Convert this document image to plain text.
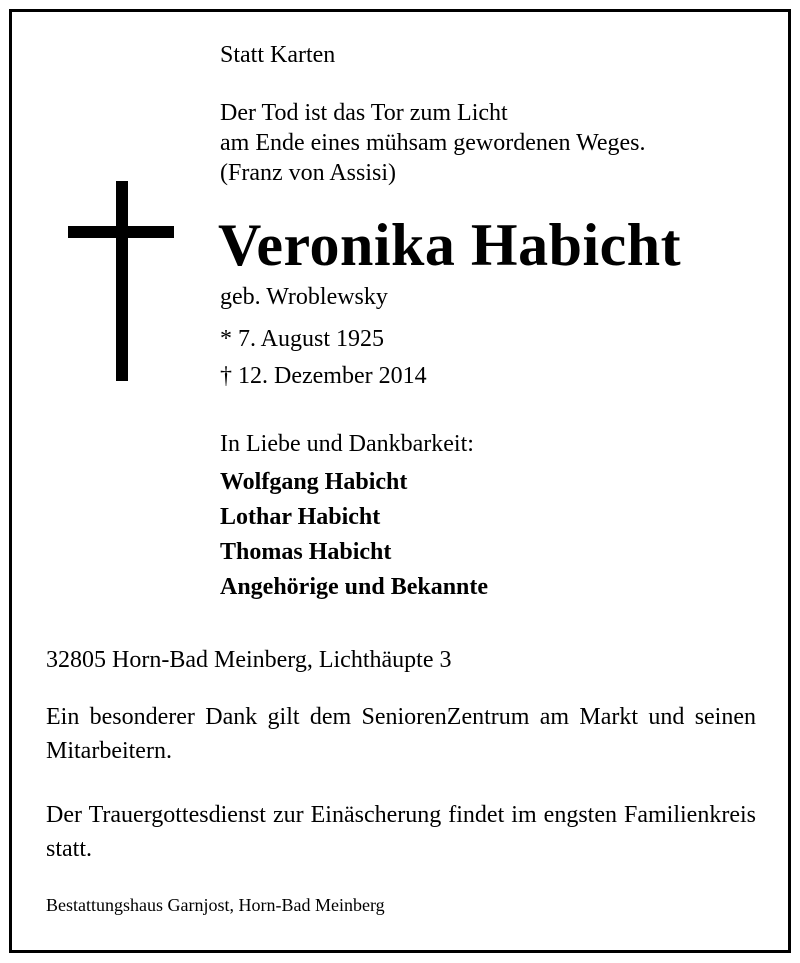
Statt Karten
Der Tod ist das Tor zum Licht
am Ende eines mühsam gewordenen Weges.
(Franz von Assisi)
Veronika Habicht
geb. Wroblewsky
* 7. August 1925
† 12. Dezember 2014
In Liebe und Dankbarkeit:
Wolfgang Habicht
Lothar Habicht
Thomas Habicht
Angehörige und Bekannte
32805 Horn-Bad Meinberg, Lichthäupte 3
Ein besonderer Dank gilt dem SeniorenZentrum am Markt und seinen Mitarbeitern.
Der Trauergottesdienst zur Einäscherung findet im engsten Familienkreis statt.
Bestattungshaus Garnjost, Horn-Bad Meinberg
